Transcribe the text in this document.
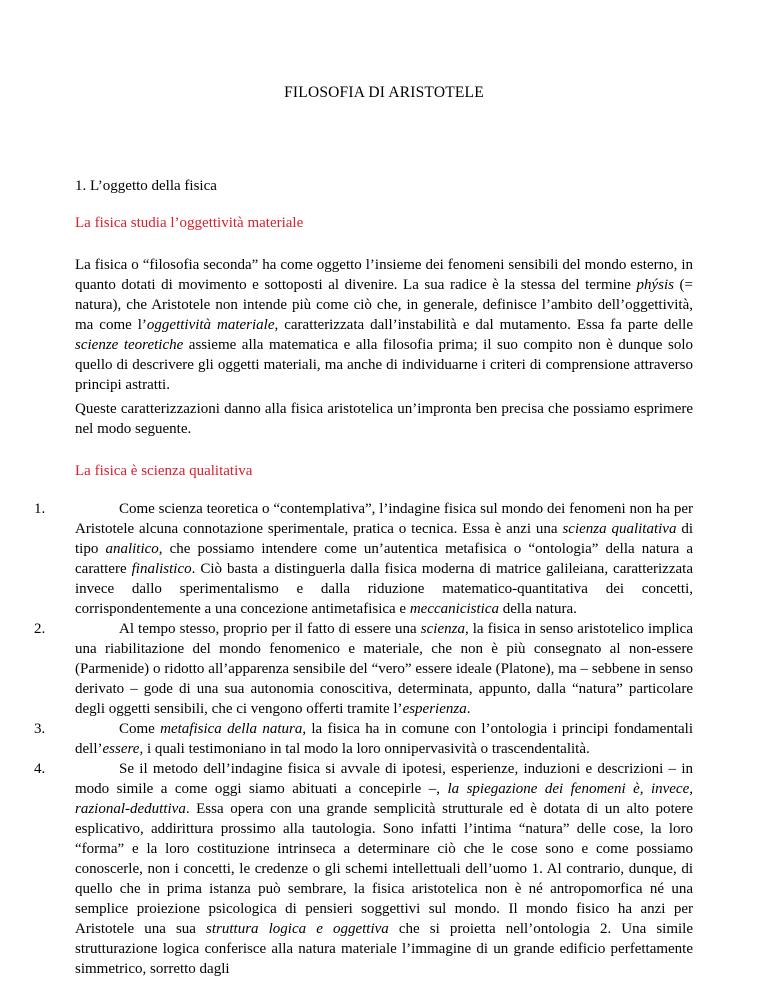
FILOSOFIA DI ARISTOTELE
1. L’oggetto della fisica
La fisica studia l’oggettività materiale
La fisica o “filosofia seconda” ha come oggetto l’insieme dei fenomeni sensibili del mondo esterno, in quanto dotati di movimento e sottoposti al divenire. La sua radice è la stessa del termine phýsis (= natura), che Aristotele non intende più come ciò che, in generale, definisce l’ambito dell’oggettività, ma come l’oggettività materiale, caratterizzata dall’instabilità e dal mutamento. Essa fa parte delle scienze teoretiche assieme alla matematica e alla filosofia prima; il suo compito non è dunque solo quello di descrivere gli oggetti materiali, ma anche di individuarne i criteri di comprensione attraverso principi astratti.
Queste caratterizzazioni danno alla fisica aristotelica un’impronta ben precisa che possiamo esprimere nel modo seguente.
La fisica è scienza qualitativa
1.	Come scienza teoretica o “contemplativa”, l’indagine fisica sul mondo dei fenomeni non ha per Aristotele alcuna connotazione sperimentale, pratica o tecnica. Essa è anzi una scienza qualitativa di tipo analitico, che possiamo intendere come un’autentica metafisica o “ontologia” della natura a carattere finalistico. Ciò basta a distinguerla dalla fisica moderna di matrice galileiana, caratterizzata invece dallo sperimentalismo e dalla riduzione matematico-quantitativa dei concetti, corrispondentemente a una concezione antimetafisica e meccanicistica della natura.
2.	Al tempo stesso, proprio per il fatto di essere una scienza, la fisica in senso aristotelico implica una riabilitazione del mondo fenomenico e materiale, che non è più consegnato al non-essere (Parmenide) o ridotto all’apparenza sensibile del “vero” essere ideale (Platone), ma – sebbene in senso derivato – gode di una sua autonomia conoscitiva, determinata, appunto, dalla “natura” particolare degli oggetti sensibili, che ci vengono offerti tramite l’esperienza.
3.	Come metafisica della natura, la fisica ha in comune con l’ontologia i principi fondamentali dell’essere, i quali testimoniano in tal modo la loro onnipervasività o trascendentalità.
4.	Se il metodo dell’indagine fisica si avvale di ipotesi, esperienze, induzioni e descrizioni – in modo simile a come oggi siamo abituati a concepirle –, la spiegazione dei fenomeni è, invece, razional-deduttiva. Essa opera con una grande semplicità strutturale ed è dotata di un alto potere esplicativo, addirittura prossimo alla tautologia. Sono infatti l’intima “natura” delle cose, la loro “forma” e la loro costituzione intrinseca a determinare ciò che le cose sono e come possiamo conoscerle, non i concetti, le credenze o gli schemi intellettuali dell’uomo 1. Al contrario, dunque, di quello che in prima istanza può sembrare, la fisica aristotelica non è né antropomorfica né una semplice proiezione psicologica di pensieri soggettivi sul mondo. Il mondo fisico ha anzi per Aristotele una sua struttura logica e oggettiva che si proietta nell’ontologia 2. Una simile strutturazione logica conferisce alla natura materiale l’immagine di un grande edificio perfettamente simmetrico, sorretto dagli
